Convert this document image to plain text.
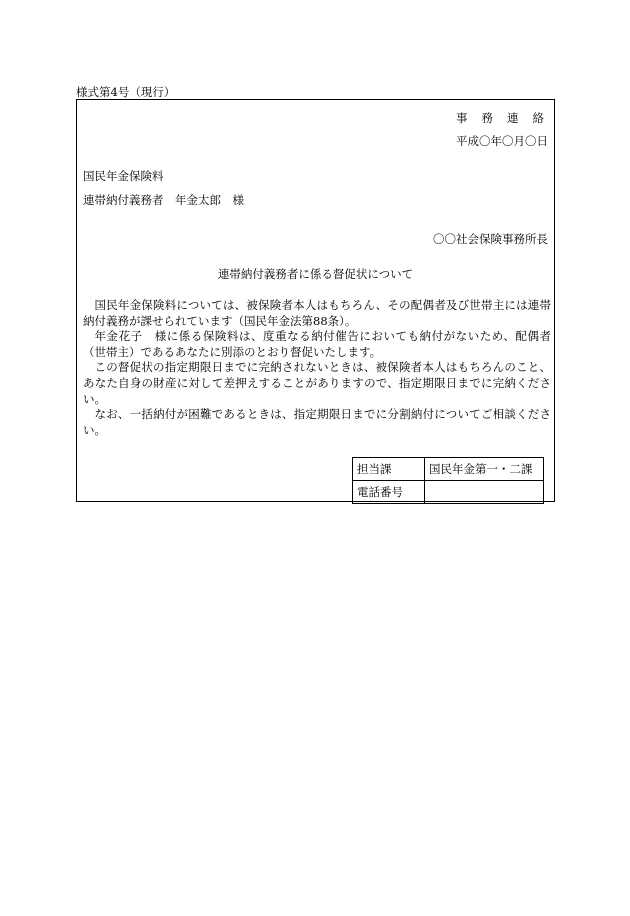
様式第4号（現行）
事務連絡
平成〇年〇月〇日
国民年金保険料
連帯納付義務者　年金太郎　様
〇〇社会保険事務所長
連帯納付義務者に係る督促状について

国民年金保険料については、被保険者本人はもちろん、その配偶者及び世帯主には連帯納付義務が課せられています（国民年金法第88条）。

年金花子　様に係る保険料は、度重なる納付催告においても納付がないため、配偶者（世帯主）であるあなたに別添のとおり督促いたします。

この督促状の指定期限日までに完納されないときは、被保険者本人はもちろんのこと、あなた自身の財産に対して差押えすることがありますので、指定期限日までに完納ください。

なお、一括納付が困難であるときは、指定期限日までに分割納付についてご相談ください。

担当課	国民年金第一・二課
電話番号	
